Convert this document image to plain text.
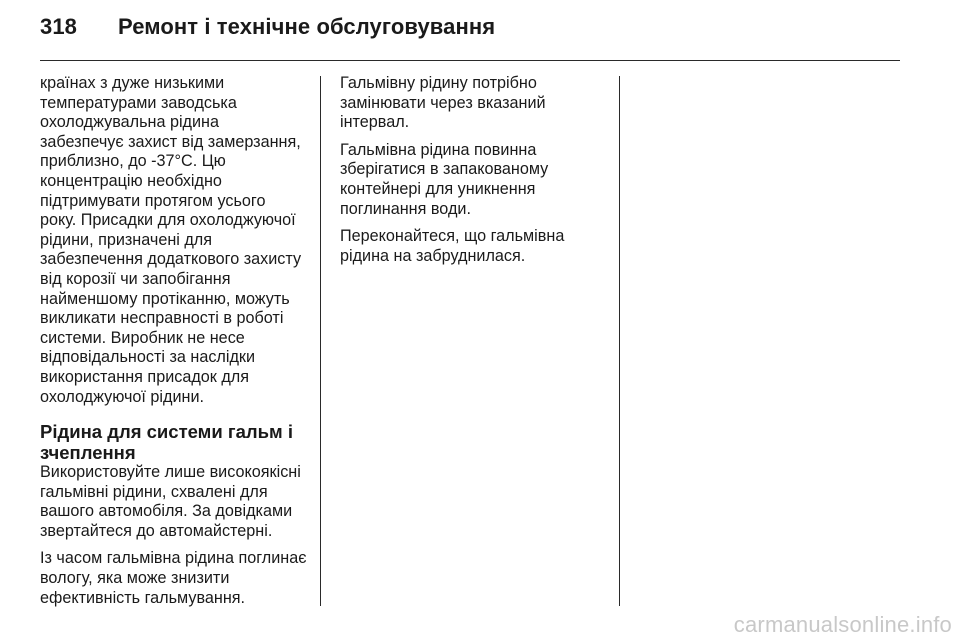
318	Ремонт і технічне обслуговування

країнах з дуже низькими
температурами заводська
охолоджувальна рідина
забезпечує захист від замерзання,
приблизно, до -37°C. Цю
концентрацію необхідно
підтримувати протягом усього
року. Присадки для охолоджуючої
рідини, призначені для
забезпечення додаткового захисту
від корозії чи запобігання
найменшому протіканню, можуть
викликати несправності в роботі
системи. Виробник не несе
відповідальності за наслідки
використання присадок для
охолоджуючої рідини.

Рідина для системи гальм і
зчеплення

Використовуйте лише високоякісні
гальмівні рідини, схвалені для
вашого автомобіля. За довідками
звертайтеся до автомайстерні.

Із часом гальмівна рідина поглинає
вологу, яка може знизити
ефективність гальмування.

Гальмівну рідину потрібно
замінювати через вказаний
інтервал.

Гальмівна рідина повинна
зберігатися в запакованому
контейнері для уникнення
поглинання води.

Переконайтеся, що гальмівна
рідина на забруднилася.

carmanualsonline.info
